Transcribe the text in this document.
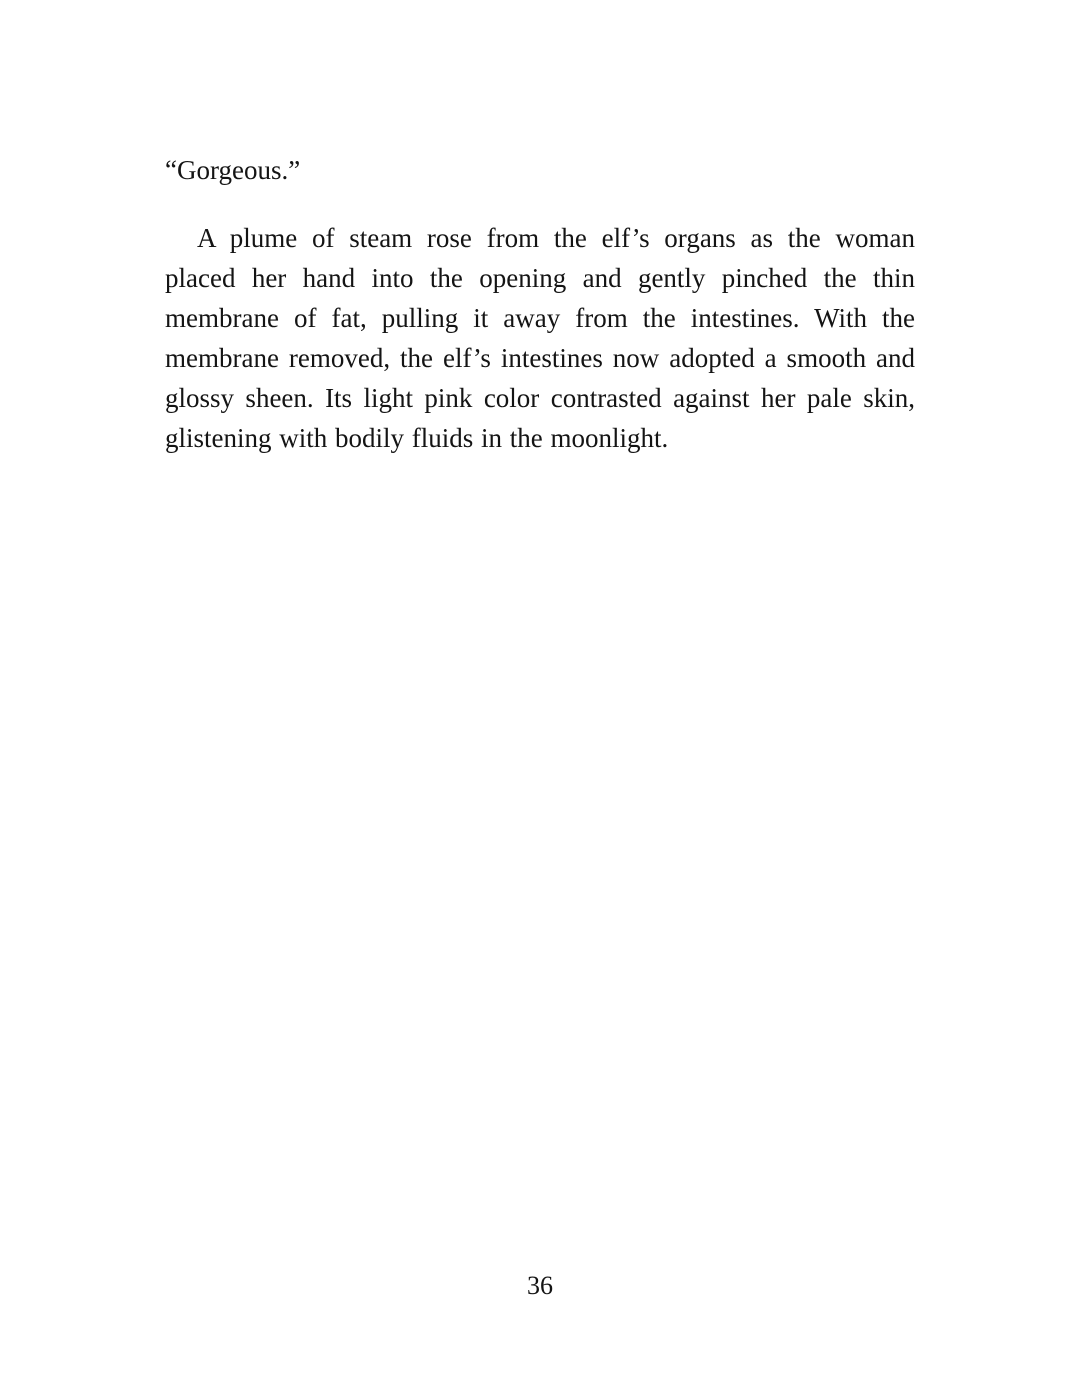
“Gorgeous.”

A plume of steam rose from the elf’s organs as the woman placed her hand into the opening and gently pinched the thin membrane of fat, pulling it away from the intestines. With the membrane removed, the elf’s intestines now adopted a smooth and glossy sheen. Its light pink color contrasted against her pale skin, glistening with bodily fluids in the moonlight.

36
